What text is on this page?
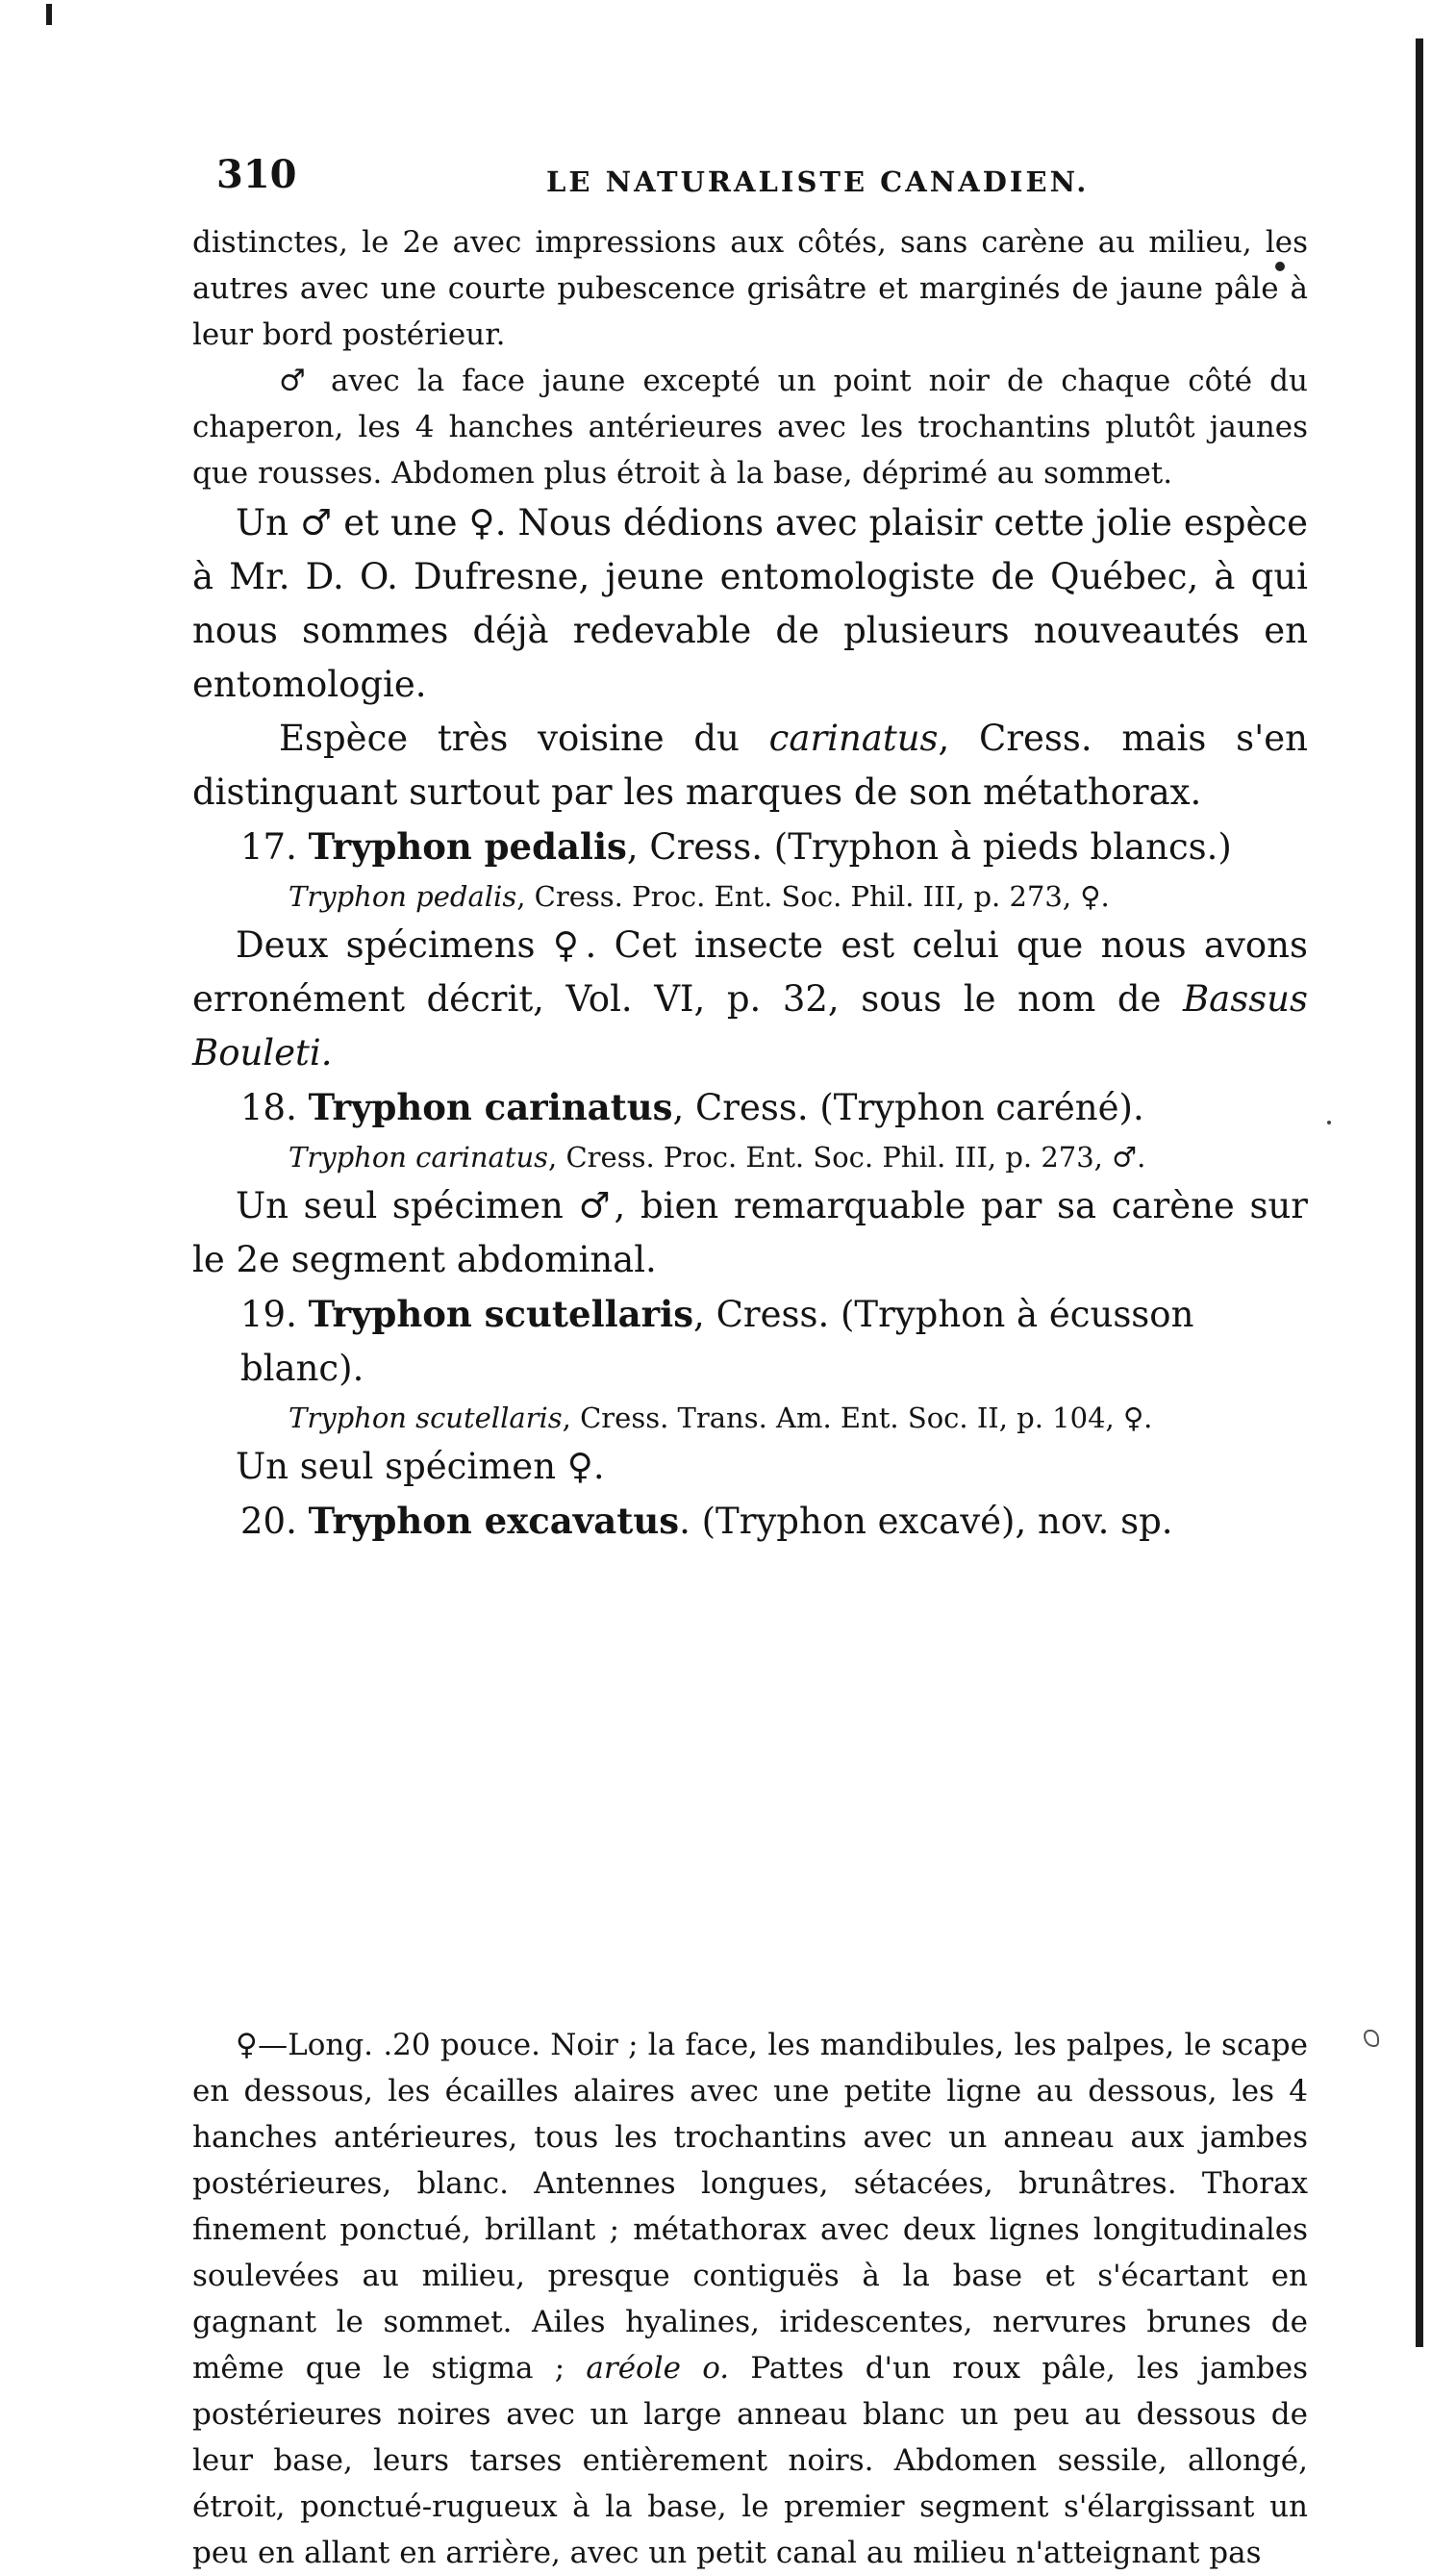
310	LE NATURALISTE CANADIEN.

distinctes, le 2e avec impressions aux côtés, sans carène au milieu, les autres avec une courte pubescence grisâtre et marginés de jaune pâle à leur bord postérieur.

♂ avec la face jaune excepté un point noir de chaque côté du chaperon, les 4 hanches antérieures avec les trochantins plutôt jaunes que rousses. Abdomen plus étroit à la base, déprimé au sommet.

Un ♂ et une ♀. Nous dédions avec plaisir cette jolie espèce à Mr. D. O. Dufresne, jeune entomologiste de Québec, à qui nous sommes déjà redevable de plusieurs nouveautés en entomologie.

Espèce très voisine du carinatus, Cress. mais s'en distinguant surtout par les marques de son métathorax.

17. Tryphon pedalis, Cress. (Tryphon à pieds blancs.)

Tryphon pedalis, Cress. Proc. Ent. Soc. Phil. III, p. 273, ♀.

Deux spécimens ♀. Cet insecte est celui que nous avons erronément décrit, Vol. VI, p. 32, sous le nom de Bassus Bouleti.

18. Tryphon carinatus, Cress. (Tryphon caréné).

Tryphon carinatus, Cress. Proc. Ent. Soc. Phil. III, p. 273, ♂.

Un seul spécimen ♂, bien remarquable par sa carène sur le 2e segment abdominal.

19. Tryphon scutellaris, Cress. (Tryphon à écusson blanc).

Tryphon scutellaris, Cress. Trans. Am. Ent. Soc. II, p. 104, ♀.

Un seul spécimen ♀.

20. Tryphon excavatus. (Tryphon excavé), nov. sp.

♀—Long. .20 pouce. Noir ; la face, les mandibules, les palpes, le scape en dessous, les écailles alaires avec une petite ligne au dessous, les 4 hanches antérieures, tous les trochantins avec un anneau aux jambes postérieures, blanc. Antennes longues, sétacées, brunâtres. Thorax finement ponctué, brillant ; métathorax avec deux lignes longitudinales soulevées au milieu, presque contiguës à la base et s'écartant en gagnant le sommet. Ailes hyalines, iridescentes, nervures brunes de même que le stigma ; aréole o. Pattes d'un roux pâle, les jambes postérieures noires avec un large anneau blanc un peu au dessous de leur base, leurs tarses entièrement noirs. Abdomen sessile, allongé, étroit, ponctué-rugueux à la base, le premier segment s'élargissant un peu en allant en arrière, avec un petit canal au milieu n'atteignant pas
